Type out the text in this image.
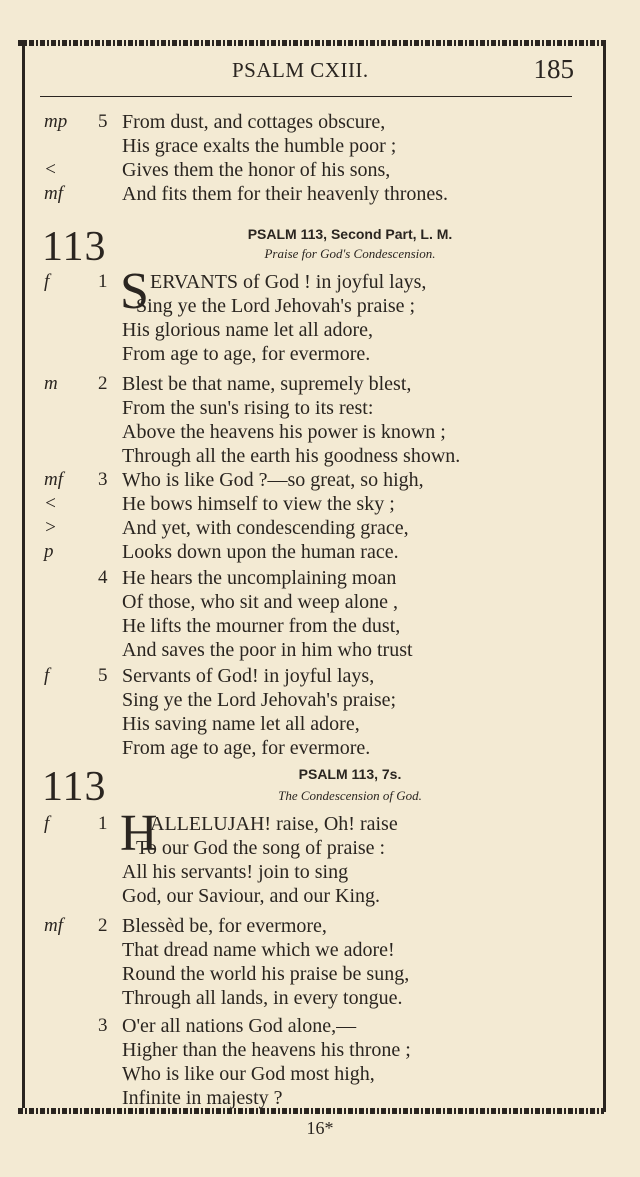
PSALM CXIII.	185
mp	5 From dust, and cottages obscure,
His grace exalts the humble poor ;
<	Gives them the honor of his sons,
mf	And fits them for their heavenly thrones.
113	PSALM 113, Second Part, L. M.
Praise for God's Condescension.
f	1 S ERVANTS of God ! in joyful lays,
Sing ye the Lord Jehovah's praise ;
His glorious name let all adore,
From age to age, for evermore.
m	2 Blest be that name, supremely blest,
From the sun's rising to its rest:
Above the heavens his power is known ;
Through all the earth his goodness shown.
mf	3 Who is like God ?—so great, so high,
<	He bows himself to view the sky ;
>	And yet, with condescending grace,
p	Looks down upon the human race.
4 He hears the uncomplaining moan
Of those, who sit and weep alone ,
He lifts the mourner from the dust,
And saves the poor in him who trust
f	5 Servants of God! in joyful lays,
Sing ye the Lord Jehovah's praise;
His saving name let all adore,
From age to age, for evermore.
113	PSALM 113, 7s.
The Condescension of God.
f	1 H
ALLELUJAH! raise, Oh! raise
To our God the song of praise :
All his servants! join to sing
God, our Saviour, and our King.
mf	2 Blessèd be, for evermore,
That dread name which we adore!
Round the world his praise be sung,
Through all lands, in every tongue.
3 O'er all nations God alone,—
Higher than the heavens his throne ;
Who is like our God most high,
Infinite in majesty ?
16*
